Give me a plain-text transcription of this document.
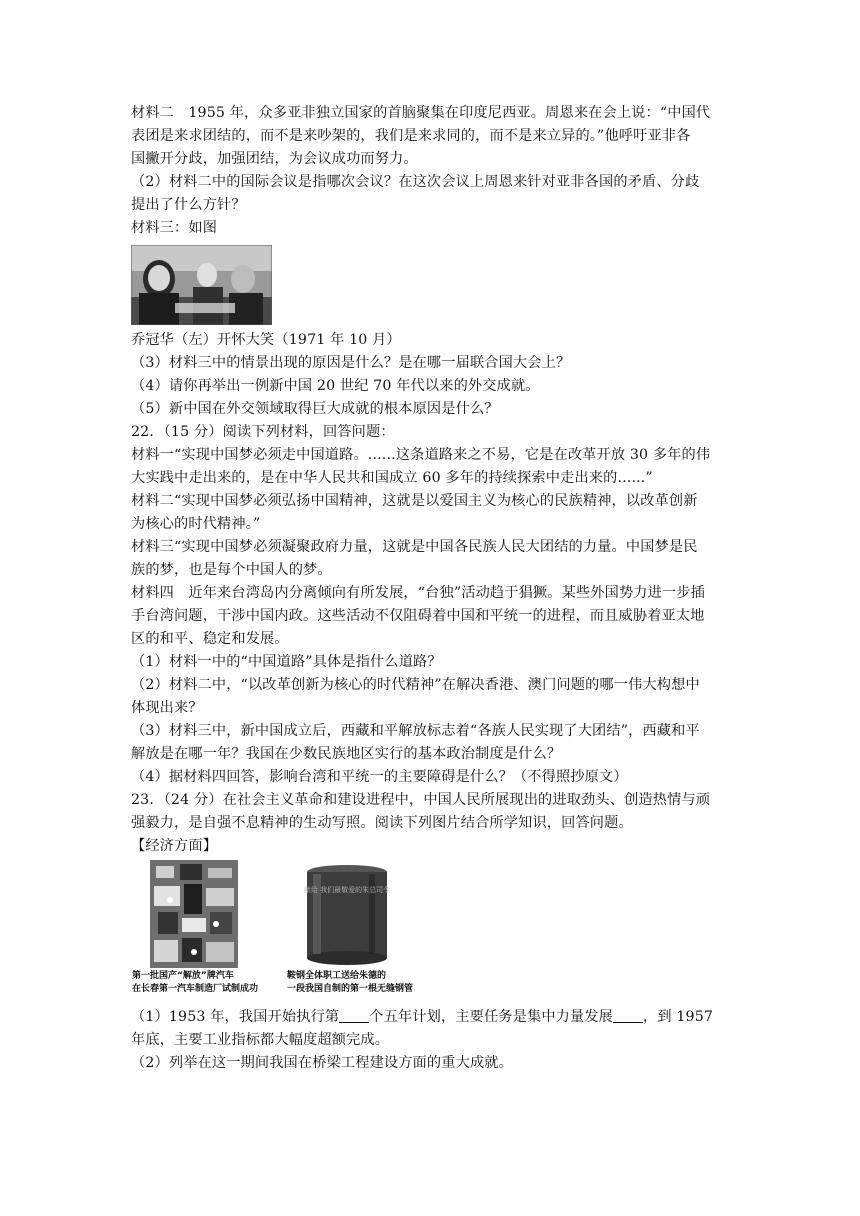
材料二　1955 年，众多亚非独立国家的首脑聚集在印度尼西亚。周恩来在会上说：“中国代
表团是来求团结的，而不是来吵架的，我们是来求同的，而不是来立异的。”他呼吁亚非各
国撇开分歧，加强团结，为会议成功而努力。
（2）材料二中的国际会议是指哪次会议？在这次会议上周恩来针对亚非各国的矛盾、分歧
提出了什么方针？
材料三：如图
乔冠华（左）开怀大笑（1971 年 10 月）
（3）材料三中的情景出现的原因是什么？是在哪一届联合国大会上？
（4）请你再举出一例新中国 20 世纪 70 年代以来的外交成就。
（5）新中国在外交领域取得巨大成就的根本原因是什么？
22．（15 分）阅读下列材料，回答问题：
材料一“实现中国梦必须走中国道路。......这条道路来之不易，它是在改革开放 30 多年的伟
大实践中走出来的，是在中华人民共和国成立 60 多年的持续探索中走出来的......”
材料二“实现中国梦必须弘扬中国精神，这就是以爱国主义为核心的民族精神，以改革创新
为核心的时代精神。”
材料三“实现中国梦必须凝聚政府力量，这就是中国各民族人民大团结的力量。中国梦是民
族的梦，也是每个中国人的梦。
材料四　近年来台湾岛内分离倾向有所发展，“台独”活动趋于猖獗。某些外国势力进一步插
手台湾问题，干涉中国内政。这些活动不仅阻碍着中国和平统一的进程，而且威胁着亚太地
区的和平、稳定和发展。
（1）材料一中的“中国道路”具体是指什么道路？
（2）材料二中，“以改革创新为核心的时代精神”在解决香港、澳门问题的哪一伟大构想中
体现出来？
（3）材料三中，新中国成立后，西藏和平解放标志着“各族人民实现了大团结”，西藏和平
解放是在哪一年？我国在少数民族地区实行的基本政治制度是什么？
（4）据材料四回答，影响台湾和平统一的主要障碍是什么？（不得照抄原文）
23．（24 分）在社会主义革命和建设进程中，中国人民所展现出的进取劲头、创造热情与顽
强毅力，是自强不息精神的生动写照。阅读下列图片结合所学知识，回答问题。
【经济方面】
献给 我们最敬爱的朱总司令
第一批国产“解放”牌汽车
在长春第一汽车制造厂试制成功
鞍钢全体职工送给朱德的
一段我国自制的第一根无缝钢管
（1）1953 年，我国开始执行第 个五年计划，主要任务是集中力量发展 ，到 1957
年底，主要工业指标都大幅度超额完成。
（2）列举在这一期间我国在桥梁工程建设方面的重大成就。
